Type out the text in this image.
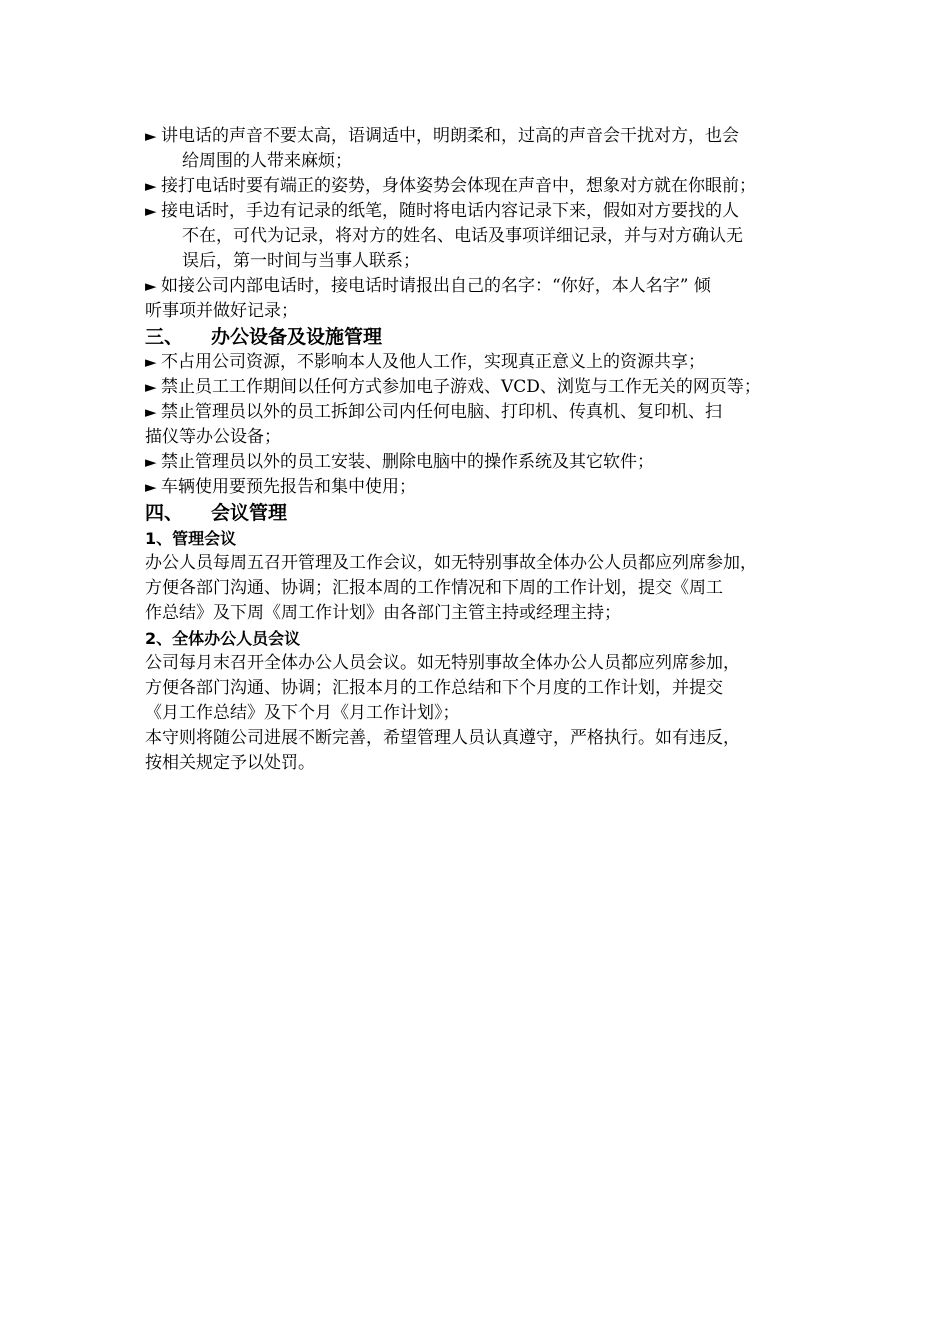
► 讲电话的声音不要太高，语调适中，明朗柔和，过高的声音会干扰对方，也会
给周围的人带来麻烦；
► 接打电话时要有端正的姿势，身体姿势会体现在声音中，想象对方就在你眼前；
► 接电话时，手边有记录的纸笔，随时将电话内容记录下来，假如对方要找的人
不在，可代为记录，将对方的姓名、电话及事项详细记录，并与对方确认无
误后，第一时间与当事人联系；
► 如接公司内部电话时，接电话时请报出自己的名字：“你好，本人名字” 倾
听事项并做好记录；
三、 办公设备及设施管理
► 不占用公司资源，不影响本人及他人工作，实现真正意义上的资源共享；
► 禁止员工工作期间以任何方式参加电子游戏、VCD、浏览与工作无关的网页等；
► 禁止管理员以外的员工拆卸公司内任何电脑、打印机、传真机、复印机、扫
描仪等办公设备；
► 禁止管理员以外的员工安装、删除电脑中的操作系统及其它软件；
► 车辆使用要预先报告和集中使用；
四、 会议管理
1、管理会议
办公人员每周五召开管理及工作会议，如无特别事故全体办公人员都应列席参加，
方便各部门沟通、协调；汇报本周的工作情况和下周的工作计划，提交《周工
作总结》及下周《周工作计划》由各部门主管主持或经理主持；
2、全体办公人员会议
公司每月末召开全体办公人员会议。如无特别事故全体办公人员都应列席参加，
方便各部门沟通、协调；汇报本月的工作总结和下个月度的工作计划，并提交
《月工作总结》及下个月《月工作计划》；
本守则将随公司进展不断完善，希望管理人员认真遵守，严格执行。如有违反，
按相关规定予以处罚。
